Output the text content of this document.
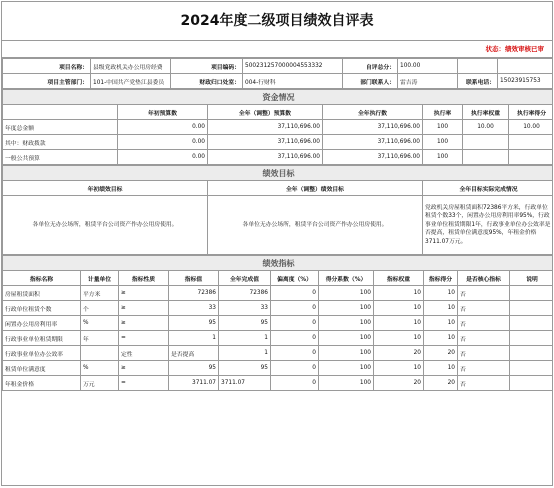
2024年度二级项目绩效自评表
状态：绩效审核已审
项目名称：	县级党政机关办公用房经费	项目编码：	500231257000004553332	自评总分：	100.00		
项目主管部门：	101-中国共产党垫江县委员	财政归口处室：	004-行财科	部门联系人：	雷吉涛	联系电话：	15023915753
资金情况						
	年初预算数	全年（调整）预算数	全年执行数	执行率	执行率权重	执行率得分
年度总金额	0.00	37,110,696.00	37,110,696.00	100	10.00	10.00
其中：财政拨款	0.00	37,110,696.00	37,110,696.00	100		
一般公共预算	0.00	37,110,696.00	37,110,696.00	100		
绩效目标		
年初绩效目标	全年（调整）绩效目标	全年目标实际完成情况
各单位无办公场所，租赁平台公司资产作办公用房使用。	各单位无办公场所，租赁平台公司资产作办公用房使用。	党政机关房屋租赁面积72386平方米，行政单位租赁个数33个，闲置办公用房利用率95%，行政事业单位租赁期限1年，行政事业单位办公效率是否提高，租赁单位满意度95%，年租金价格3711.07万元。
绩效指标										
指标名称	计量单位	指标性质	指标值	全年完成值	偏离度（%）	得分系数（%）	指标权重	指标得分	是否核心指标	说明
房屋租赁面积	平方米	≥	72386	72386	0	100	10	10	否	
行政单位租赁个数	个	≥	33	33	0	100	10	10	否	
闲置办公用房利用率	%	≥	95	95	0	100	10	10	否	
行政事业单位租赁期限	年	=	1	1	0	100	10	10	否	
行政事业单位办公效率		定性	是否提高	1	0	100	20	20	否	
租赁单位满意度	%	≥	95	95	0	100	10	10	否	
年租金价格	万元	=	3711.07	3711.07	0	100	20	20	否	
